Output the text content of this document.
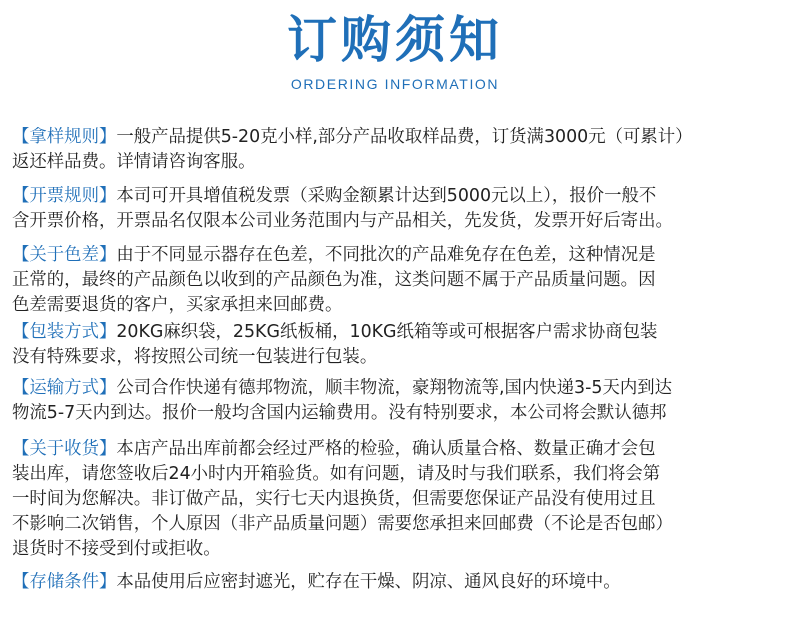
订购须知
ORDERING INFORMATION
【拿样规则】一般产品提供5-20克小样,部分产品收取样品费，订货满3000元（可累计）
返还样品费。详情请咨询客服。
【开票规则】本司可开具增值税发票（采购金额累计达到5000元以上），报价一般不
含开票价格，开票品名仅限本公司业务范围内与产品相关，先发货，发票开好后寄出。
【关于色差】由于不同显示器存在色差，不同批次的产品难免存在色差，这种情况是
正常的，最终的产品颜色以收到的产品颜色为准，这类问题不属于产品质量问题。因
色差需要退货的客户，买家承担来回邮费。
【包装方式】20KG麻织袋，25KG纸板桶，10KG纸箱等或可根据客户需求协商包装
没有特殊要求，将按照公司统一包装进行包装。
【运输方式】公司合作快递有德邦物流，顺丰物流，豪翔物流等,国内快递3-5天内到达
物流5-7天内到达。报价一般均含国内运输费用。没有特别要求，本公司将会默认德邦
【关于收货】本店产品出库前都会经过严格的检验，确认质量合格、数量正确才会包
装出库，请您签收后24小时内开箱验货。如有问题，请及时与我们联系，我们将会第
一时间为您解决。非订做产品，实行七天内退换货，但需要您保证产品没有使用过且
不影响二次销售，个人原因（非产品质量问题）需要您承担来回邮费（不论是否包邮）
退货时不接受到付或拒收。
【存储条件】本品使用后应密封遮光，贮存在干燥、阴凉、通风良好的环境中。
